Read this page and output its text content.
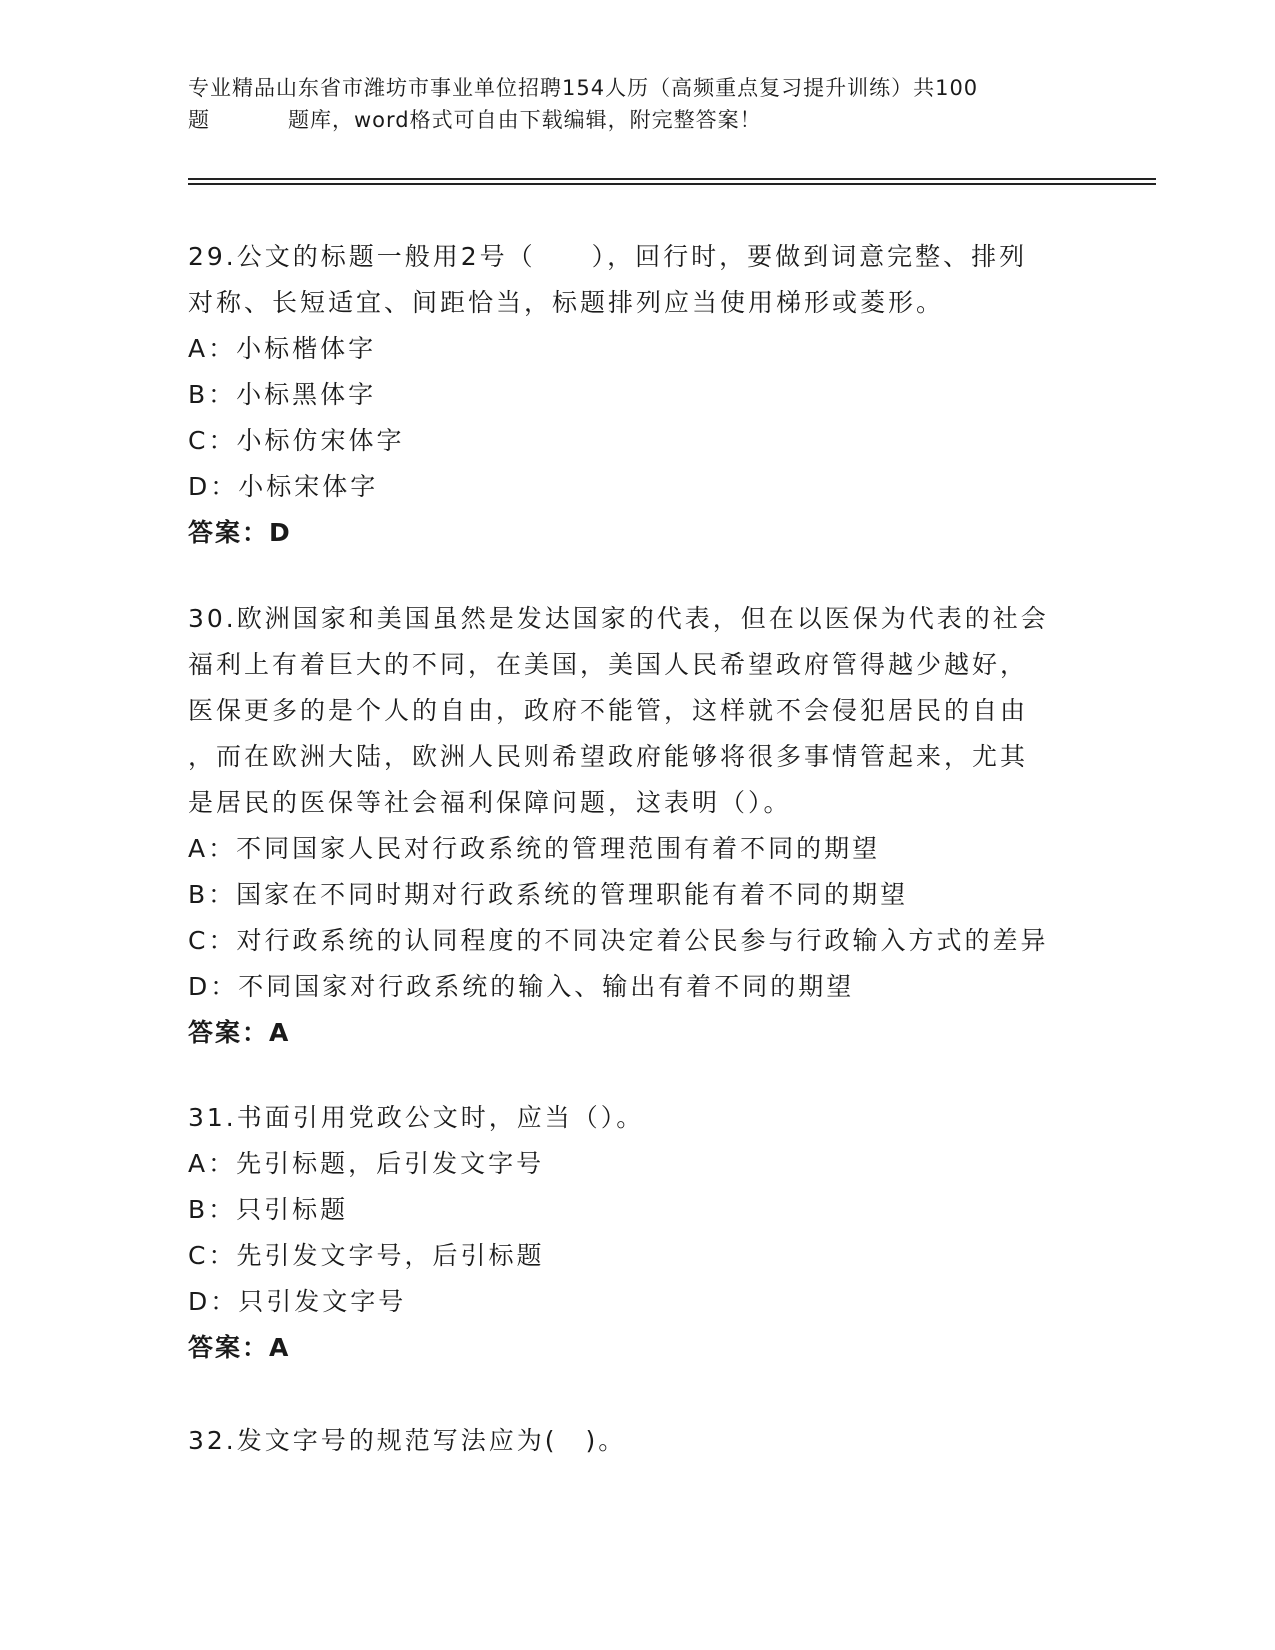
专业精品山东省市潍坊市事业单位招聘154人历（高频重点复习提升训练）共100
题	题库，word格式可自由下载编辑，附完整答案！
29.公文的标题一般用2号（　　），回行时，要做到词意完整、排列
对称、长短适宜、间距恰当，标题排列应当使用梯形或菱形。
A：小标楷体字
B：小标黑体字
C：小标仿宋体字
D：小标宋体字
答案：D
30.欧洲国家和美国虽然是发达国家的代表，但在以医保为代表的社会
福利上有着巨大的不同，在美国，美国人民希望政府管得越少越好，
医保更多的是个人的自由，政府不能管，这样就不会侵犯居民的自由
，而在欧洲大陆，欧洲人民则希望政府能够将很多事情管起来，尤其
是居民的医保等社会福利保障问题，这表明（）。
A：不同国家人民对行政系统的管理范围有着不同的期望
B：国家在不同时期对行政系统的管理职能有着不同的期望
C：对行政系统的认同程度的不同决定着公民参与行政输入方式的差异
D：不同国家对行政系统的输入、输出有着不同的期望
答案：A
31.书面引用党政公文时，应当（）。
A：先引标题，后引发文字号
B：只引标题
C：先引发文字号，后引标题
D：只引发文字号
答案：A
32.发文字号的规范写法应为(　)。
